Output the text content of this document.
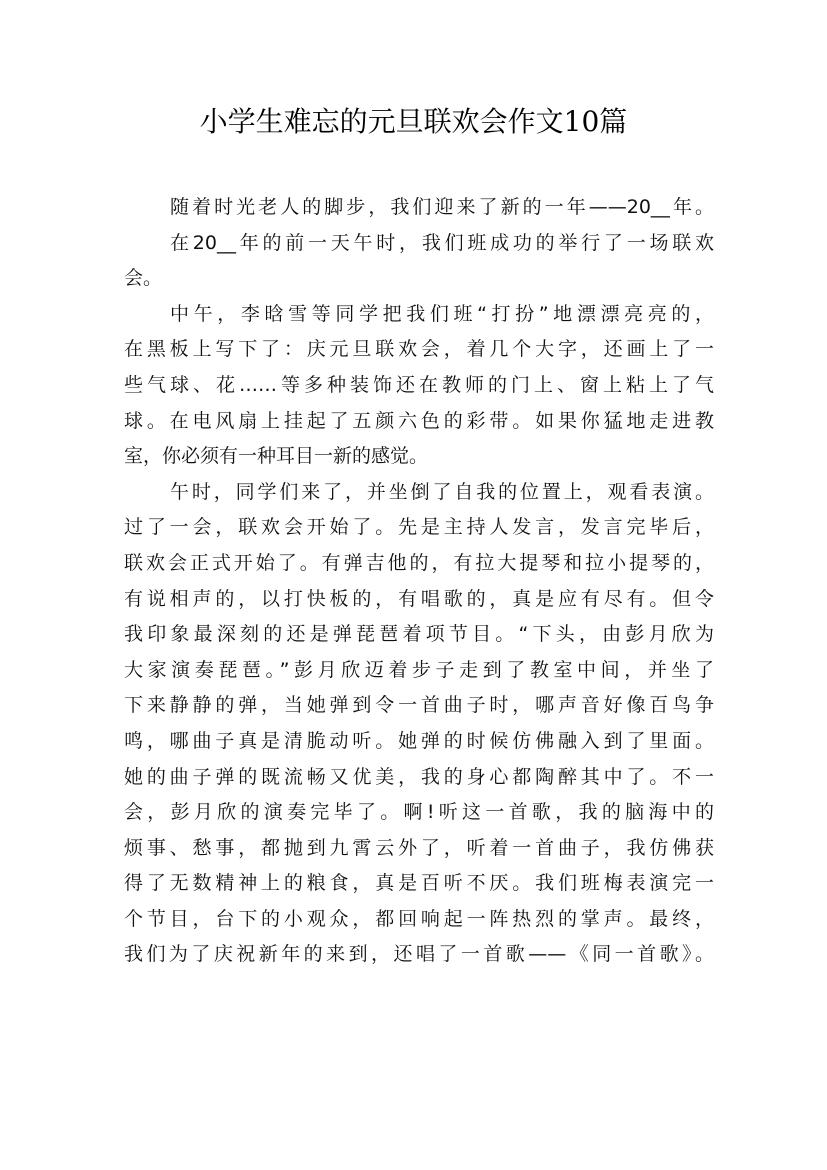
小学生难忘的元旦联欢会作文10篇
随着时光老人的脚步，我们迎来了新的一年——20__年。
在20__年的前一天午时，我们班成功的举行了一场联欢
会。
中午，李晗雪等同学把我们班“打扮”地漂漂亮亮的，
在黑板上写下了：庆元旦联欢会，着几个大字，还画上了一
些气球、花……等多种装饰还在教师的门上、窗上粘上了气
球。在电风扇上挂起了五颜六色的彩带。如果你猛地走进教
室，你必须有一种耳目一新的感觉。
午时，同学们来了，并坐倒了自我的位置上，观看表演。
过了一会，联欢会开始了。先是主持人发言，发言完毕后，
联欢会正式开始了。有弹吉他的，有拉大提琴和拉小提琴的，
有说相声的，以打快板的，有唱歌的，真是应有尽有。但令
我印象最深刻的还是弹琵琶着项节目。“下头，由彭月欣为
大家演奏琵琶。”彭月欣迈着步子走到了教室中间，并坐了
下来静静的弹，当她弹到令一首曲子时，哪声音好像百鸟争
鸣，哪曲子真是清脆动听。她弹的时候仿佛融入到了里面。
她的曲子弹的既流畅又优美，我的身心都陶醉其中了。不一
会，彭月欣的演奏完毕了。啊!听这一首歌，我的脑海中的
烦事、愁事，都抛到九霄云外了，听着一首曲子，我仿佛获
得了无数精神上的粮食，真是百听不厌。我们班梅表演完一
个节目，台下的小观众，都回响起一阵热烈的掌声。最终，
我们为了庆祝新年的来到，还唱了一首歌——《同一首歌》。
